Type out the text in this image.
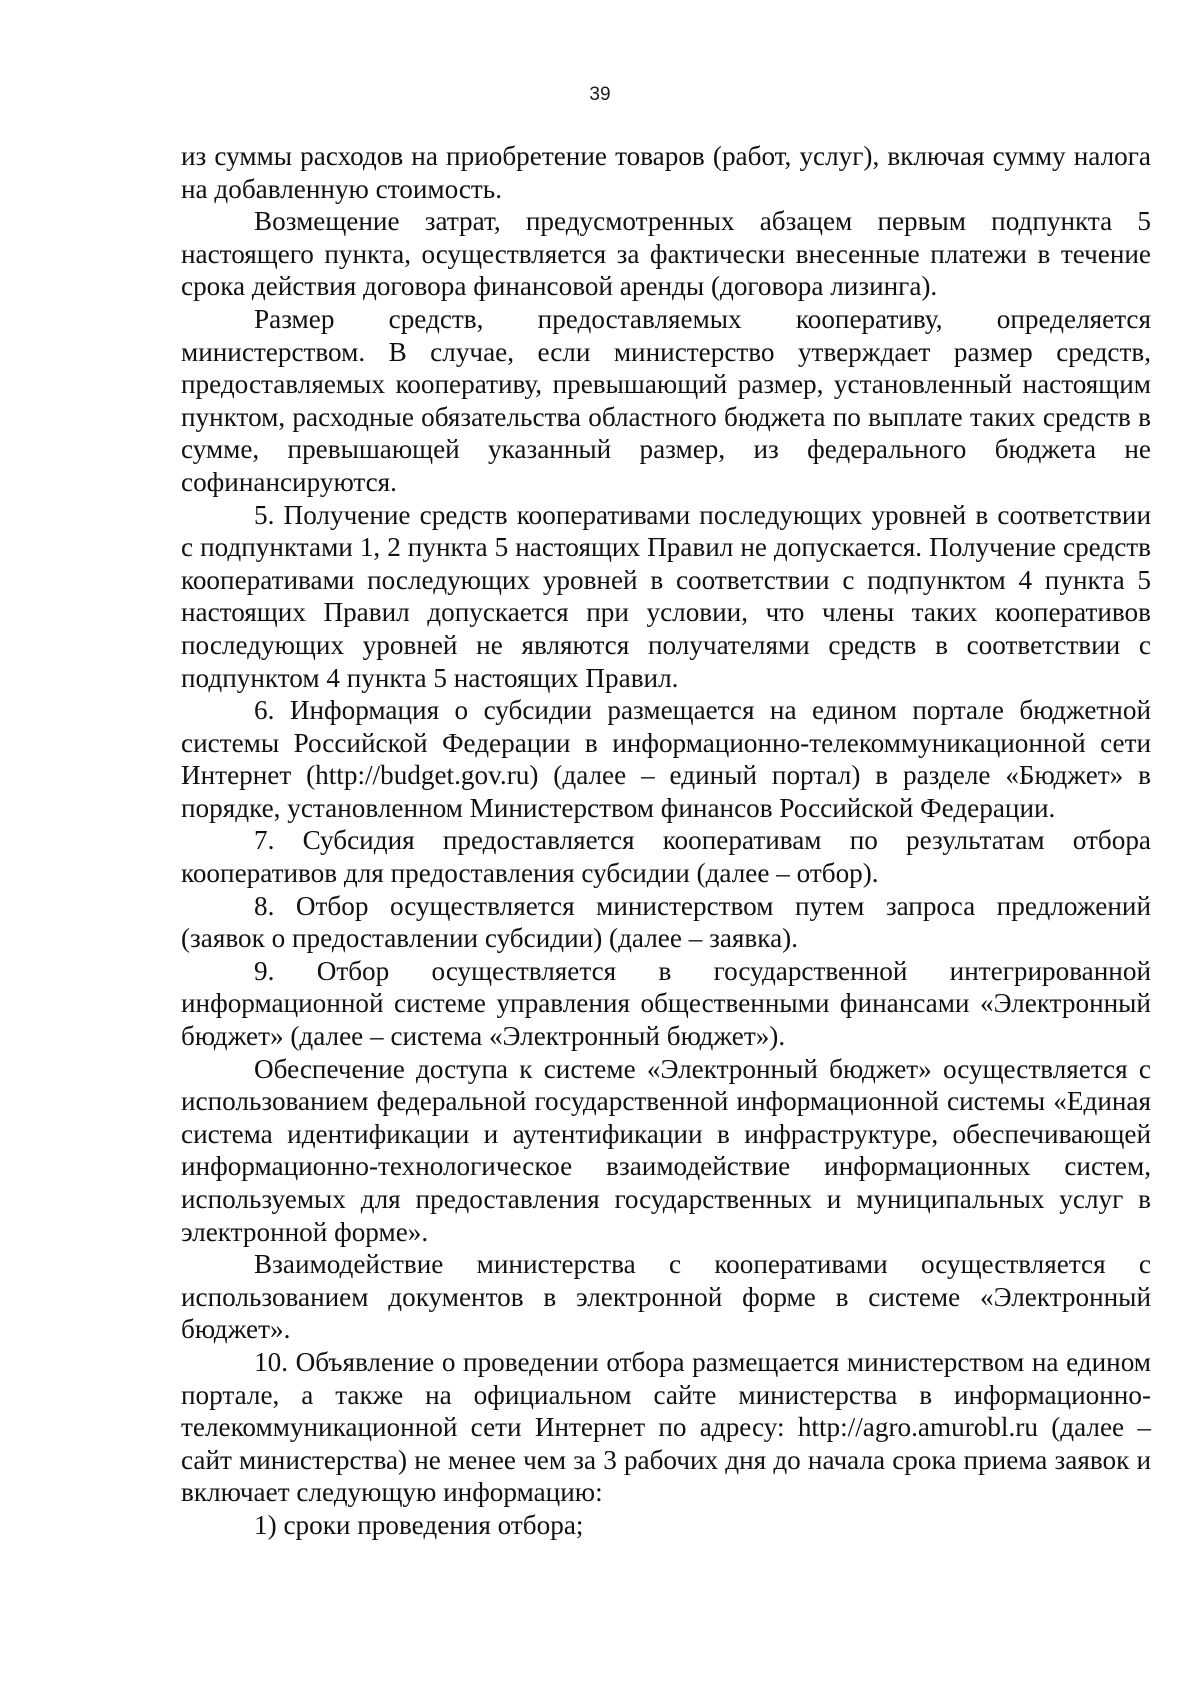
39

из суммы расходов на приобретение товаров (работ, услуг), включая сумму налога на добавленную стоимость.

Возмещение затрат, предусмотренных абзацем первым подпункта 5 настоящего пункта, осуществляется за фактически внесенные платежи в течение срока действия договора финансовой аренды (договора лизинга).

Размер средств, предоставляемых кооперативу, определяется министерством. В случае, если министерство утверждает размер средств, предоставляемых кооперативу, превышающий размер, установленный настоящим пунктом, расходные обязательства областного бюджета по выплате таких средств в сумме, превышающей указанный размер, из федерального бюджета не софинансируются.

5. Получение средств кооперативами последующих уровней в соответствии с подпунктами 1, 2 пункта 5 настоящих Правил не допускается. Получение средств кооперативами последующих уровней в соответствии с подпунктом 4 пункта 5 настоящих Правил допускается при условии, что члены таких кооперативов последующих уровней не являются получателями средств в соответствии с подпунктом 4 пункта 5 настоящих Правил.

6. Информация о субсидии размещается на едином портале бюджетной системы Российской Федерации в информационно-телекоммуникационной сети Интернет (http://budget.gov.ru) (далее – единый портал) в разделе «Бюджет» в порядке, установленном Министерством финансов Российской Федерации.

7. Субсидия предоставляется кооперативам по результатам отбора кооперативов для предоставления субсидии (далее – отбор).

8. Отбор осуществляется министерством путем запроса предложений (заявок о предоставлении субсидии) (далее – заявка).

9. Отбор осуществляется в государственной интегрированной информационной системе управления общественными финансами «Электронный бюджет» (далее – система «Электронный бюджет»).

Обеспечение доступа к системе «Электронный бюджет» осуществляется с использованием федеральной государственной информационной системы «Единая система идентификации и аутентификации в инфраструктуре, обеспечивающей информационно-технологическое взаимодействие информационных систем, используемых для предоставления государственных и муниципальных услуг в электронной форме».

Взаимодействие министерства с кооперативами осуществляется с использованием документов в электронной форме в системе «Электронный бюджет».

10. Объявление о проведении отбора размещается министерством на едином портале, а также на официальном сайте министерства в информационно-телекоммуникационной сети Интернет по адресу: http://agro.amurobl.ru (далее – сайт министерства) не менее чем за 3 рабочих дня до начала срока приема заявок и включает следующую информацию:

1) сроки проведения отбора;
